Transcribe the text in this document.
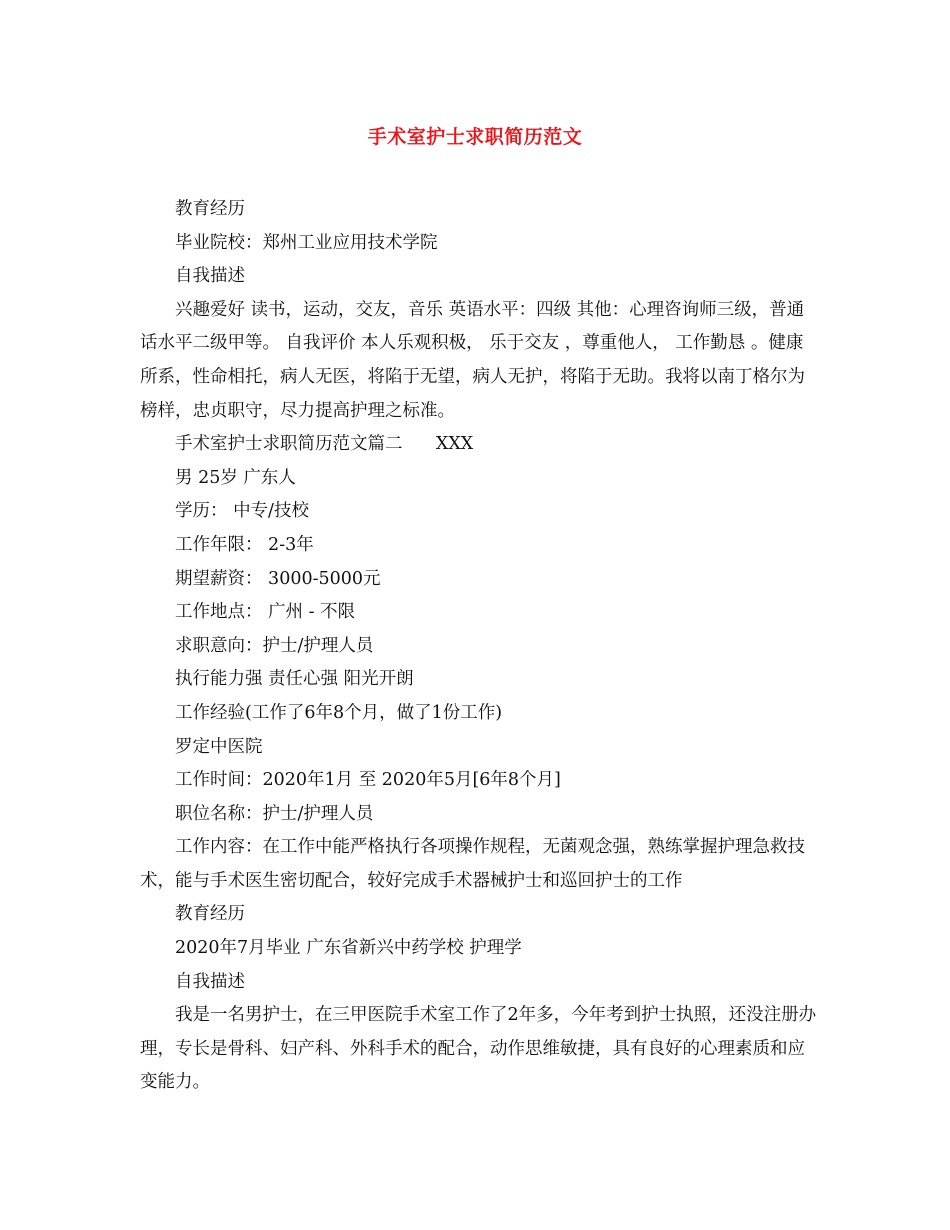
手术室护士求职简历范文

教育经历

毕业院校：郑州工业应用技术学院

自我描述

兴趣爱好 读书，运动，交友，音乐 英语水平：四级 其他：心理咨询师三级，普通话水平二级甲等。 自我评价 本人乐观积极， 乐于交友 ，尊重他人， 工作勤恳 。健康所系，性命相托，病人无医，将陷于无望，病人无护，将陷于无助。我将以南丁格尔为榜样，忠贞职守，尽力提高护理之标准。

手术室护士求职简历范文篇二      XXX

男 25岁 广东人

学历： 中专/技校

工作年限： 2-3年

期望薪资： 3000-5000元

工作地点： 广州 - 不限

求职意向：护士/护理人员

执行能力强 责任心强 阳光开朗

工作经验(工作了6年8个月，做了1份工作)

罗定中医院

工作时间：2020年1月 至 2020年5月[6年8个月]

职位名称：护士/护理人员

工作内容：在工作中能严格执行各项操作规程，无菌观念强，熟练掌握护理急救技术，能与手术医生密切配合，较好完成手术器械护士和巡回护士的工作

教育经历

2020年7月毕业 广东省新兴中药学校 护理学

自我描述

我是一名男护士，在三甲医院手术室工作了2年多，今年考到护士执照，还没注册办理，专长是骨科、妇产科、外科手术的配合，动作思维敏捷，具有良好的心理素质和应变能力。
